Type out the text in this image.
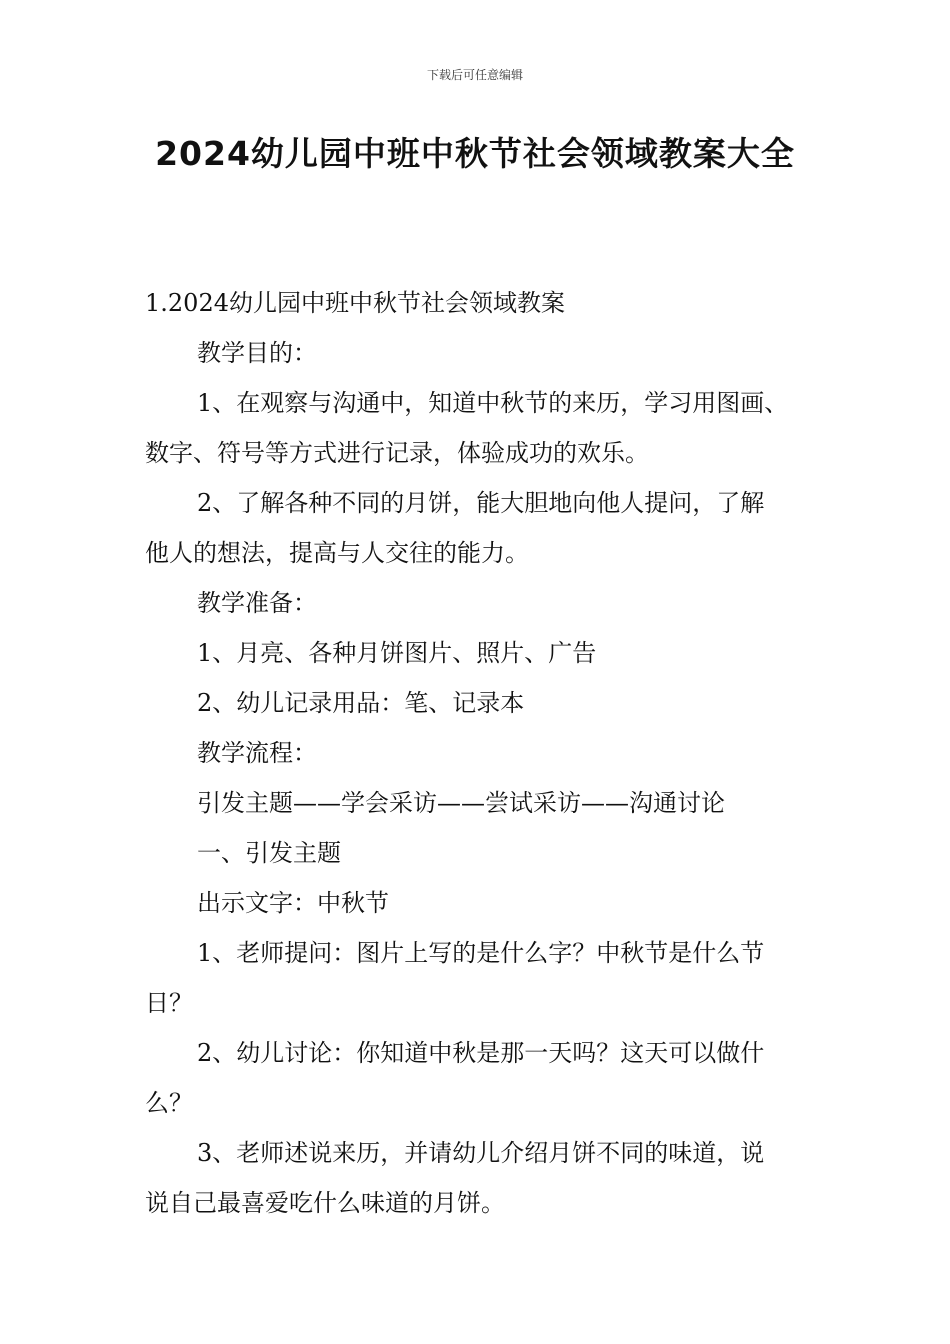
下载后可任意编辑
2024幼儿园中班中秋节社会领域教案大全
1.2024幼儿园中班中秋节社会领域教案
教学目的：
1、在观察与沟通中，知道中秋节的来历，学习用图画、
数字、符号等方式进行记录，体验成功的欢乐。
2、了解各种不同的月饼，能大胆地向他人提问，了解
他人的想法，提高与人交往的能力。
教学准备：
1、月亮、各种月饼图片、照片、广告
2、幼儿记录用品：笔、记录本
教学流程：
引发主题——学会采访——尝试采访——沟通讨论
一、引发主题
出示文字：中秋节
1、老师提问：图片上写的是什么字？中秋节是什么节
日？
2、幼儿讨论：你知道中秋是那一天吗？这天可以做什
么？
3、老师述说来历，并请幼儿介绍月饼不同的味道，说
说自己最喜爱吃什么味道的月饼。
